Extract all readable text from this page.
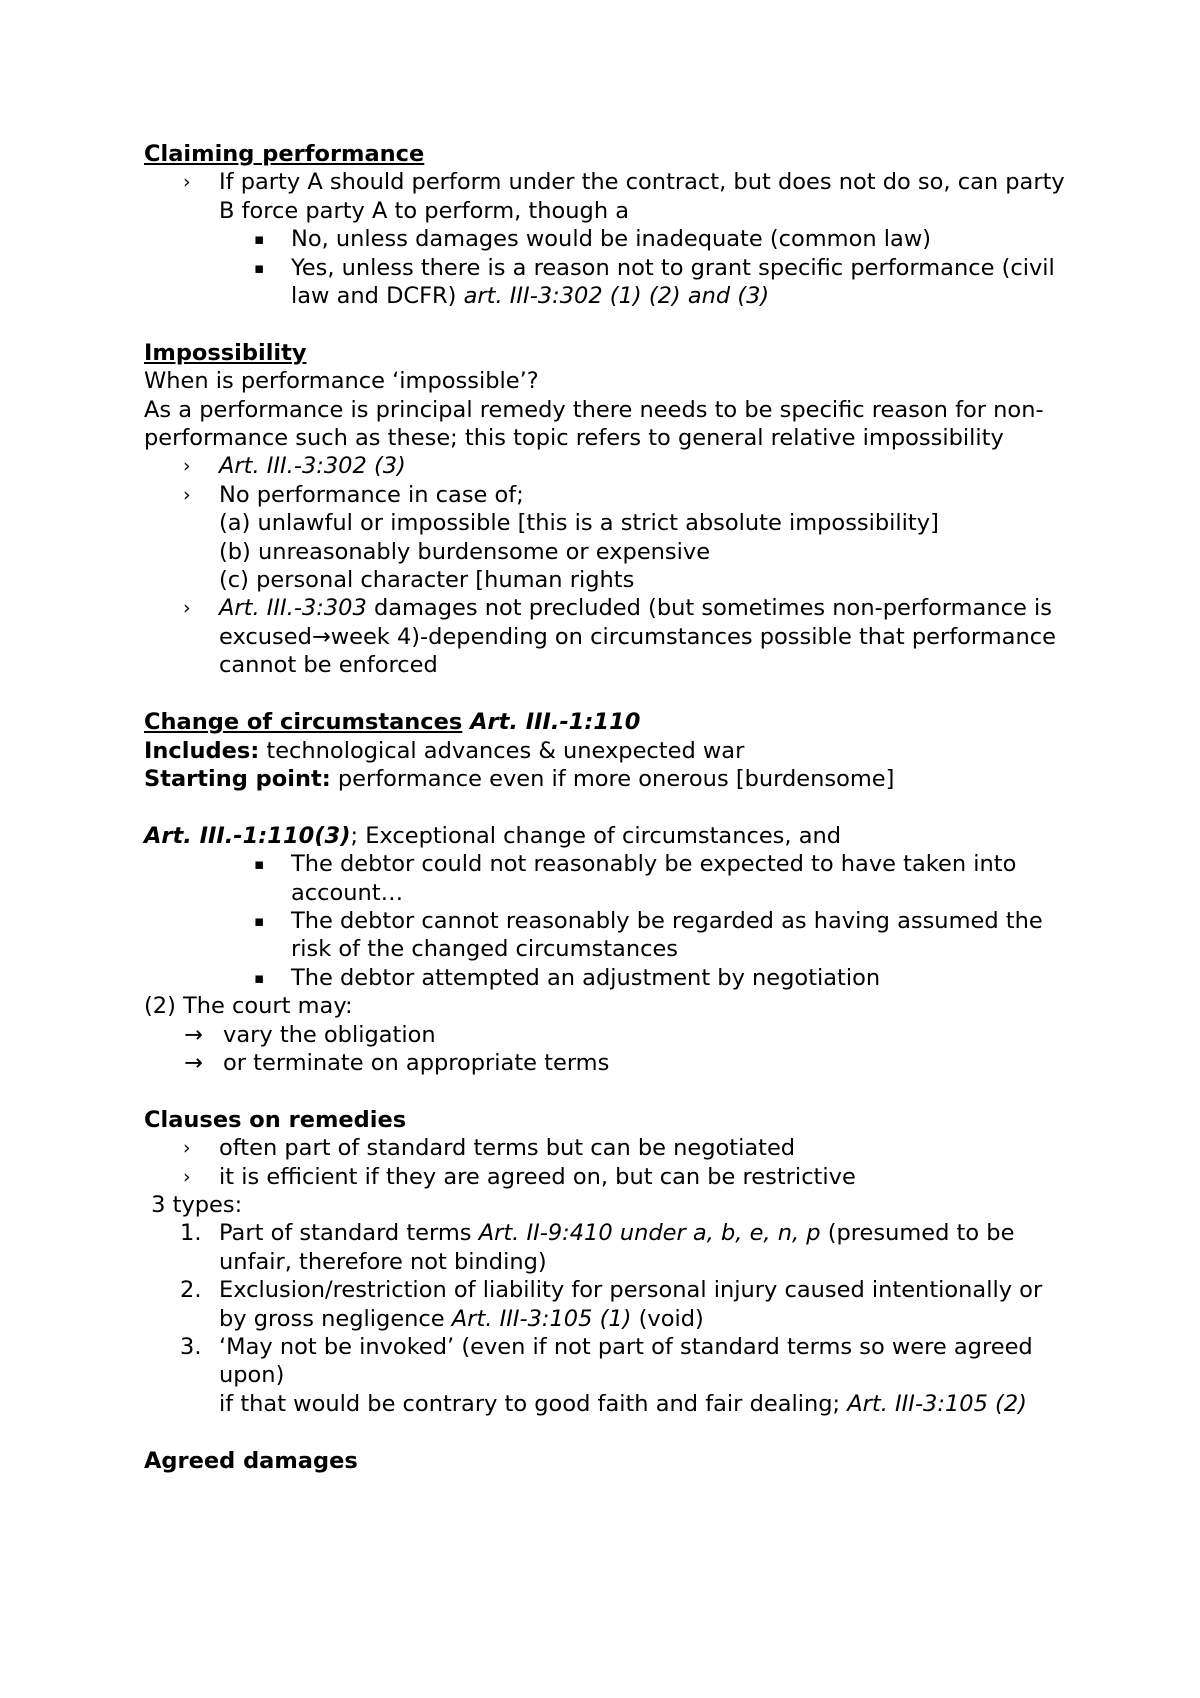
Claiming performance

› If party A should perform under the contract, but does not do so, can party B force party A to perform, though a
▪ No, unless damages would be inadequate (common law)
▪ Yes, unless there is a reason not to grant specific performance (civil law and DCFR) art. III-3:302 (1) (2) and (3)

Impossibility

When is performance ‘impossible’?

As a performance is principal remedy there needs to be specific reason for non-performance such as these; this topic refers to general relative impossibility

› Art. III.-3:302 (3)
› No performance in case of;

(a) unlawful or impossible [this is a strict absolute impossibility]

(b) unreasonably burdensome or expensive

(c) personal character [human rights

› Art. III.-3:303 damages not precluded (but sometimes non-performance is excused→week 4)-depending on circumstances possible that performance cannot be enforced

Change of circumstances Art. III.-1:110

Includes: technological advances & unexpected war

Starting point: performance even if more onerous [burdensome]

Art. III.-1:110(3); Exceptional change of circumstances, and

▪ The debtor could not reasonably be expected to have taken into account…
▪ The debtor cannot reasonably be regarded as having assumed the risk of the changed circumstances
▪ The debtor attempted an adjustment by negotiation

(2) The court may:

→ vary the obligation
→ or terminate on appropriate terms

Clauses on remedies

› often part of standard terms but can be negotiated
› it is efficient if they are agreed on, but can be restrictive

3 types:

1. Part of standard terms Art. II-9:410 under a, b, e, n, p (presumed to be unfair, therefore not binding)
2. Exclusion/restriction of liability for personal injury caused intentionally or by gross negligence Art. III-3:105 (1) (void)
3. ‘May not be invoked’ (even if not part of standard terms so were agreed upon)
if that would be contrary to good faith and fair dealing; Art. III-3:105 (2)

Agreed damages
